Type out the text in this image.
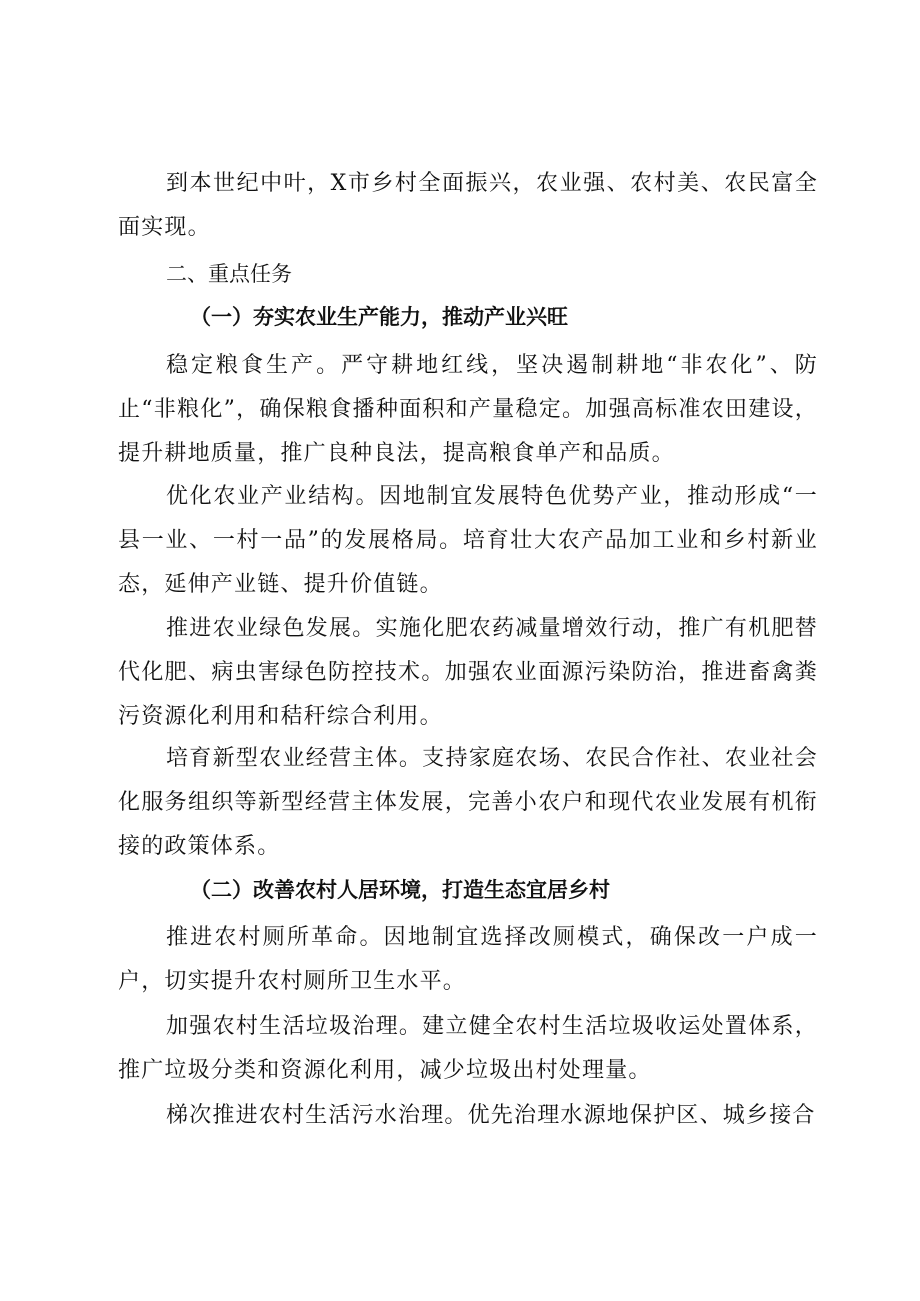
到本世纪中叶，X市乡村全面振兴，农业强、农村美、农民富全面实现。

二、重点任务

（一）夯实农业生产能力，推动产业兴旺

稳定粮食生产。严守耕地红线，坚决遏制耕地“非农化”、防止“非粮化”，确保粮食播种面积和产量稳定。加强高标准农田建设，提升耕地质量，推广良种良法，提高粮食单产和品质。

优化农业产业结构。因地制宜发展特色优势产业，推动形成“一县一业、一村一品”的发展格局。培育壮大农产品加工业和乡村新业态，延伸产业链、提升价值链。

推进农业绿色发展。实施化肥农药减量增效行动，推广有机肥替代化肥、病虫害绿色防控技术。加强农业面源污染防治，推进畜禽粪污资源化利用和秸秆综合利用。

培育新型农业经营主体。支持家庭农场、农民合作社、农业社会化服务组织等新型经营主体发展，完善小农户和现代农业发展有机衔接的政策体系。

（二）改善农村人居环境，打造生态宜居乡村

推进农村厕所革命。因地制宜选择改厕模式，确保改一户成一户，切实提升农村厕所卫生水平。

加强农村生活垃圾治理。建立健全农村生活垃圾收运处置体系，推广垃圾分类和资源化利用，减少垃圾出村处理量。

梯次推进农村生活污水治理。优先治理水源地保护区、城乡接合
